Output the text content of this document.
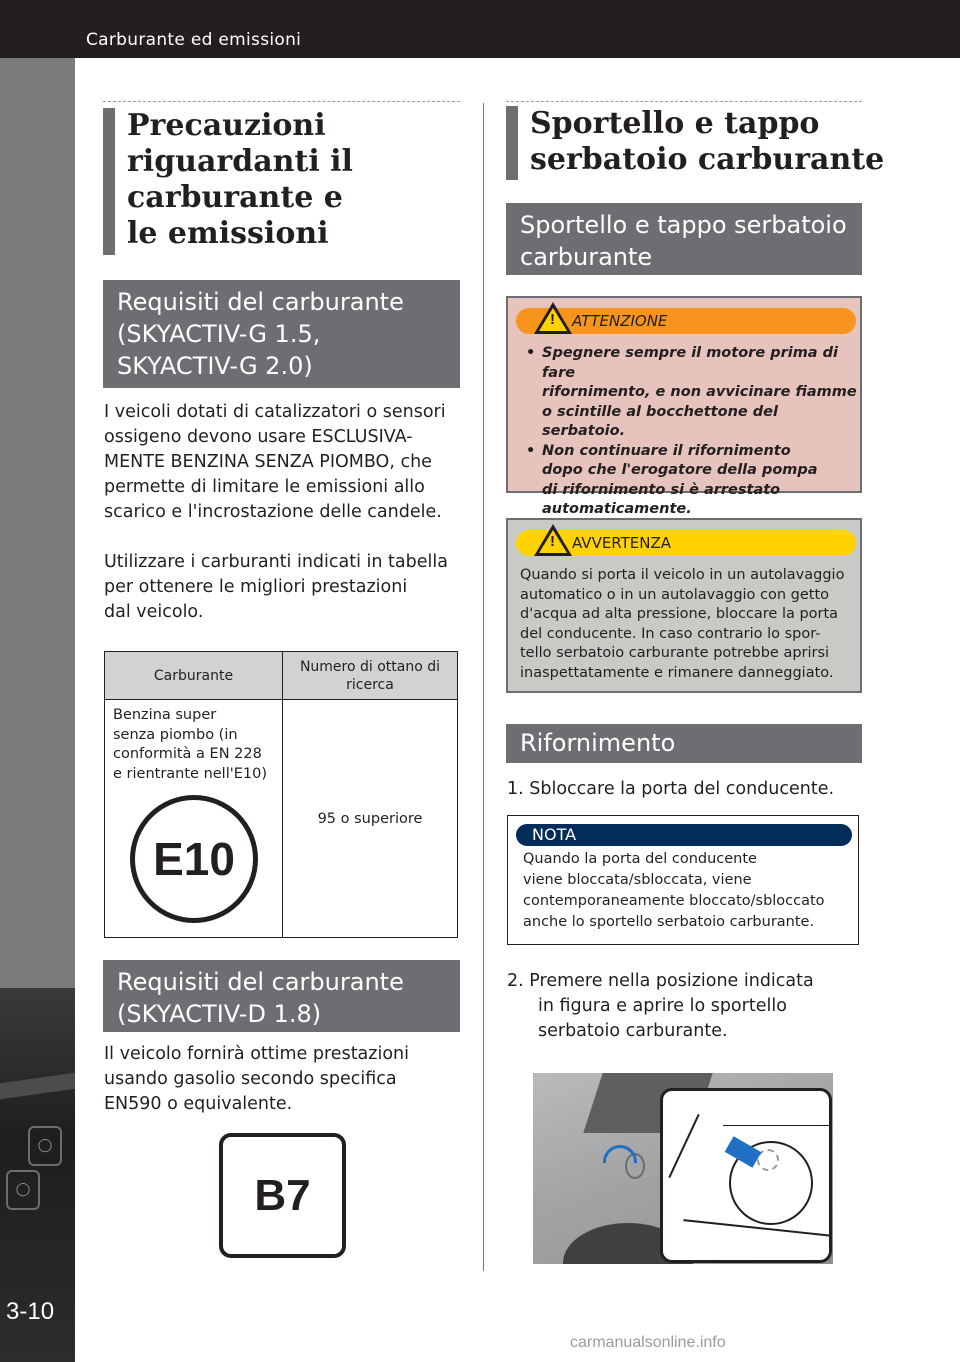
Carburante ed emissioni
◯
◯
3-10
Precauzioni
riguardanti il
carburante e
le emissioni
Requisiti del carburante
(SKYACTIV-G 1.5,
SKYACTIV-G 2.0)
I veicoli dotati di catalizzatori o sensori
ossigeno devono usare ESCLUSIVA-
MENTE BENZINA SENZA PIOMBO, che
permette di limitare le emissioni allo
scarico e l'incrostazione delle candele.
Utilizzare i carburanti indicati in tabella
per ottenere le migliori prestazioni
dal veicolo.
Carburante	Numero di ottano di ricerca

Benzina super
senza piombo (in
conformità a EN 228
e rientrante nell'E10)
E10	95 o superiore
Requisiti del carburante
(SKYACTIV-D 1.8)
Il veicolo fornirà ottime prestazioni
usando gasolio secondo specifica
EN590 o equivalente.
B7
Sportello e tappo
serbatoio carburante
Sportello e tappo serbatoio
carburante
ATTENZIONE
!
• Spegnere sempre il motore prima di fare
rifornimento, e non avvicinare fiamme
o scintille al bocchettone del serbatoio.
• Non continuare il rifornimento
dopo che l'erogatore della pompa
di rifornimento si è arrestato
automaticamente.
AVVERTENZA
!
Quando si porta il veicolo in un autolavaggio
automatico o in un autolavaggio con getto
d'acqua ad alta pressione, bloccare la porta
del conducente. In caso contrario lo spor-
tello serbatoio carburante potrebbe aprirsi
inaspettatamente e rimanere danneggiato.
Rifornimento
1. Sbloccare la porta del conducente.
NOTA
Quando la porta del conducente
viene bloccata/sbloccata, viene
contemporaneamente bloccato/sbloccato
anche lo sportello serbatoio carburante.
2. Premere nella posizione indicata
in figura e aprire lo sportello
serbatoio carburante.
carmanualsonline.info
